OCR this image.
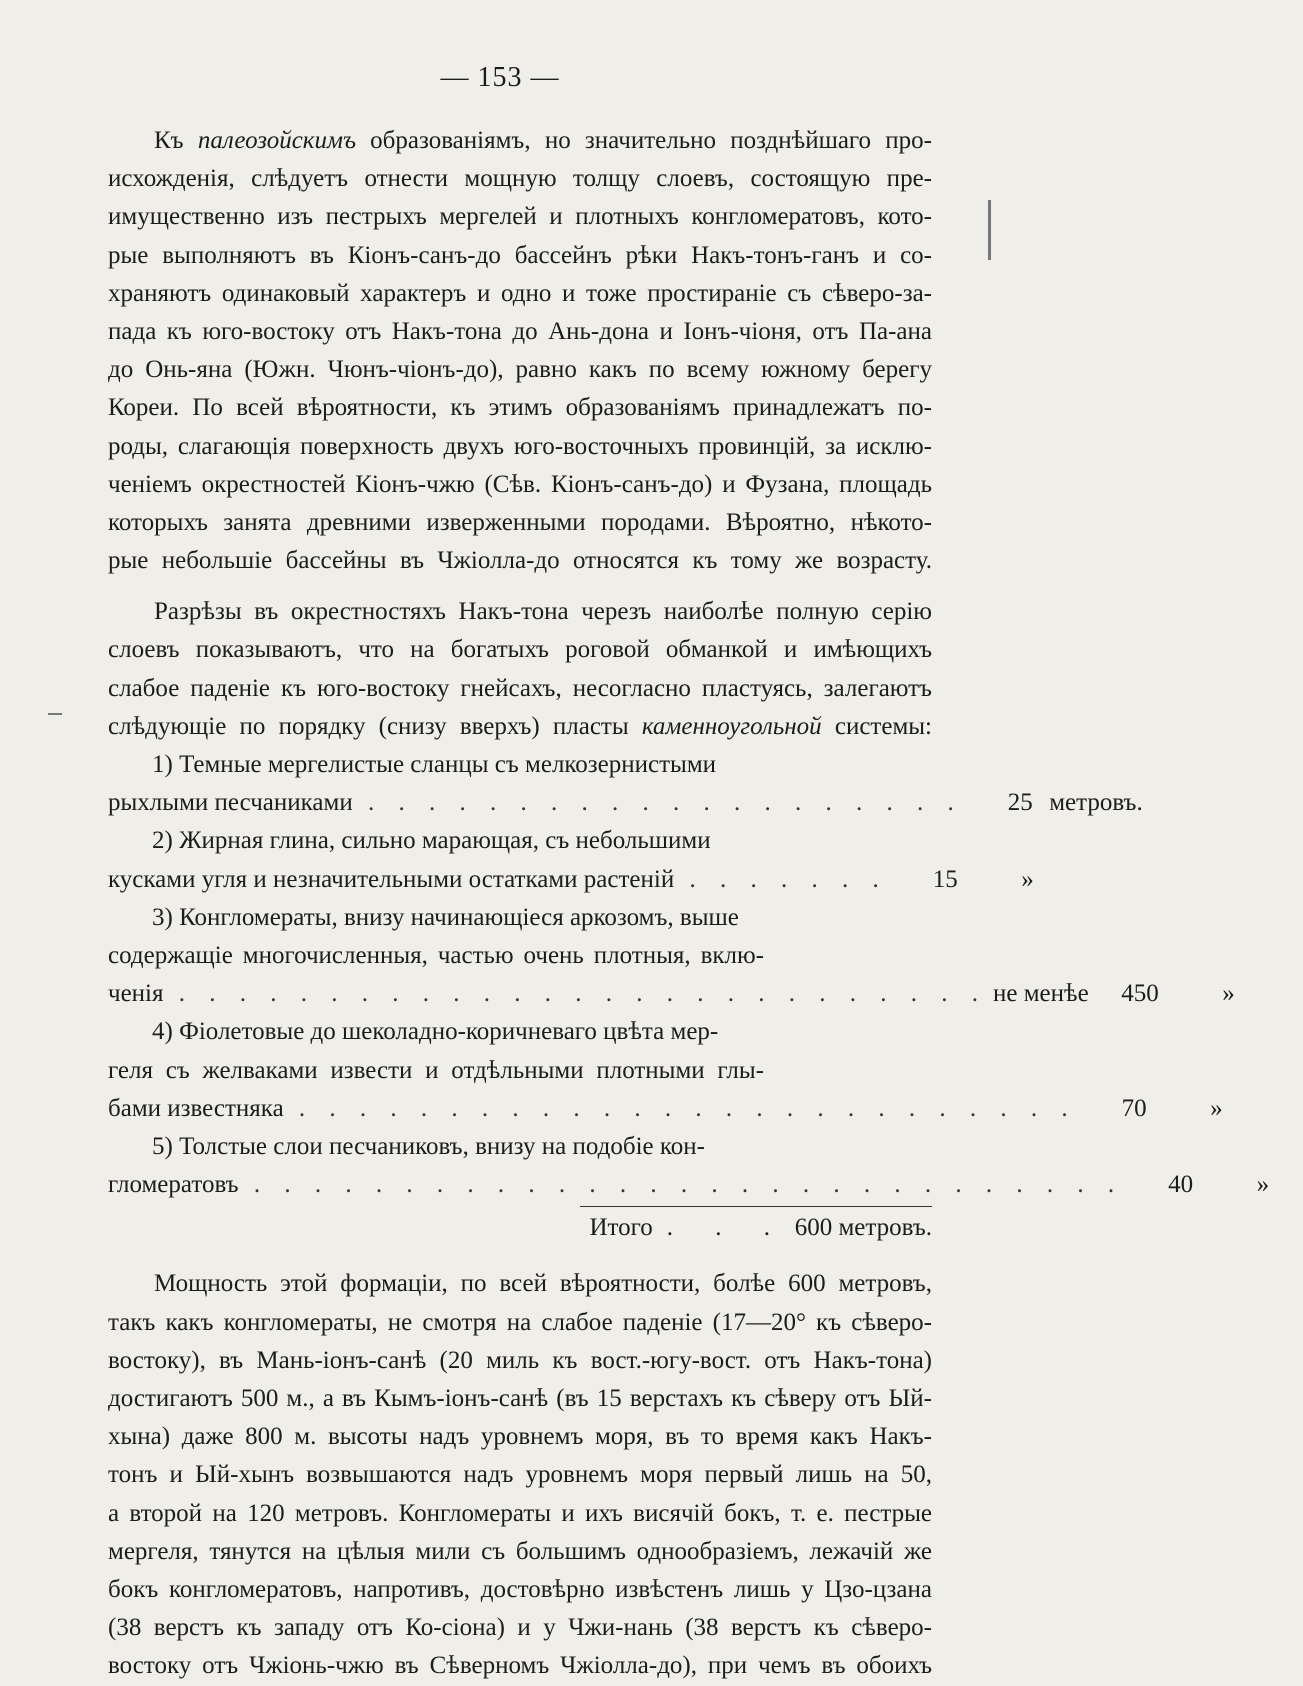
— 153 —
Къ палеозойскимъ образованіямъ, но значительно позднѣйшаго про-
исхожденія, слѣдуетъ отнести мощную толщу слоевъ, состоящую пре-
имущественно изъ пестрыхъ мергелей и плотныхъ конгломератовъ, кото-
рые выполняютъ въ Кіонъ-санъ-до бассейнъ рѣки Накъ-тонъ-ганъ и со-
храняютъ одинаковый характеръ и одно и тоже простираніе съ сѣверо-за-
пада къ юго-востоку отъ Накъ-тона до Ань-дона и Іонъ-чіоня, отъ Па-ана
до Онь-яна (Южн. Чюнъ-чіонъ-до), равно какъ по всему южному берегу
Кореи. По всей вѣроятности, къ этимъ образованіямъ принадлежатъ по-
роды, слагающія поверхность двухъ юго-восточныхъ провинцій, за исклю-
ченіемъ окрестностей Кіонъ-чжю (Сѣв. Кіонъ-санъ-до) и Фузана, площадь
которыхъ занята древними изверженными породами. Вѣроятно, нѣкото-
рые небольшіе бассейны въ Чжіолла-до относятся къ тому же возрасту.
Разрѣзы въ окрестностяхъ Накъ-тона черезъ наиболѣе полную серію
слоевъ показываютъ, что на богатыхъ роговой обманкой и имѣющихъ
слабое паденіе къ юго-востоку гнейсахъ, несогласно пластуясь, залегаютъ
слѣдующіе по порядку (снизу вверхъ) пласты каменноугольной системы:
1) Темные мергелистые сланцы съ мелкозернистыми
рыхлыми песчаниками . . . . . . . . . . . . . . . . . . . .	25 метровъ.
2) Жирная глина, сильно марающая, съ небольшими
кусками угля и незначительными остатками растеній . . . . . . .	15	»
3) Конгломераты, внизу начинающіеся аркозомъ, выше
содержащіе многочисленныя, частью очень плотныя, вклю-
ченія . . . . . . . . . . . . . . . . . . . . . . . . . . . не менѣе	450	»
4) Фіолетовые до шеколадно-коричневаго цвѣта мер-
геля съ желваками извести и отдѣльными плотными глы-
бами известняка . . . . . . . . . . . . . . . . . . . . . . . . . .	70	»
5) Толстые слои песчаниковъ, внизу на подобіе кон-
гломератовъ . . . . . . . . . . . . . . . . . . . . . . . . . . . . .	40	»
Итого . . . 600 метровъ.
Мощность этой формаціи, по всей вѣроятности, болѣе 600 метровъ,
такъ какъ конгломераты, не смотря на слабое паденіе (17—20° къ сѣверо-
востоку), въ Мань-іонъ-санѣ (20 миль къ вост.-югу-вост. отъ Накъ-тона)
достигаютъ 500 м., а въ Кымъ-іонъ-санѣ (въ 15 верстахъ къ сѣверу отъ Ый-
хына) даже 800 м. высоты надъ уровнемъ моря, въ то время какъ Накъ-
тонъ и Ый-хынъ возвышаются надъ уровнемъ моря первый лишь на 50,
а второй на 120 метровъ. Конгломераты и ихъ висячій бокъ, т. е. пестрые
мергеля, тянутся на цѣлыя мили съ большимъ однообразіемъ, лежачій же
бокъ конгломератовъ, напротивъ, достовѣрно извѣстенъ лишь у Цзо-цзана
(38 верстъ къ западу отъ Ко-сіона) и у Чжи-нань (38 верстъ къ сѣверо-
востоку отъ Чжіонь-чжю въ Сѣверномъ Чжіолла-до), при чемъ въ обоихъ
